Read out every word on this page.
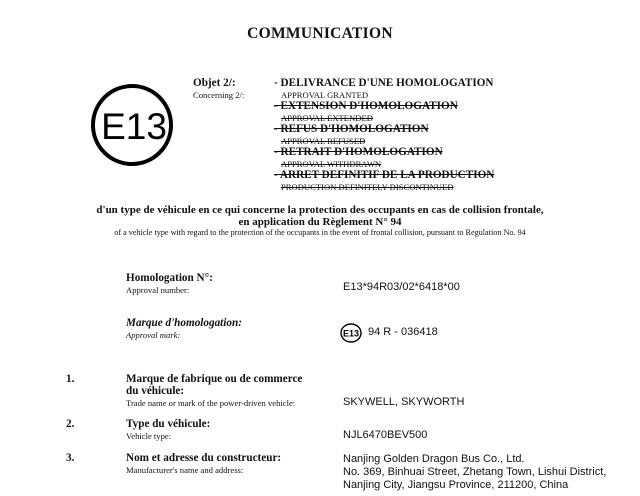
COMMUNICATION
E13
Objet 2/:
Concerning 2/:
- DELIVRANCE D'UNE HOMOLOGATION
APPROVAL GRANTED
- EXTENSION D'HOMOLOGATION
APPROVAL EXTENDED
- REFUS D'HOMOLOGATION
APPROVAL REFUSED
- RETRAIT D'HOMOLOGATION
APPROVAL WITHDRAWN
- ARRET DEFINITIF DE LA PRODUCTION
PRODUCTION DEFINITELY DISCONTINUED
d'un type de véhicule en ce qui concerne la protection des occupants en cas de collision frontale,
en application du Règlement N° 94
of a vehicle type with regard to the protection of the occupants in the event of frontal collision, pursuant to Regulation No. 94
Homologation N°:
Approval number:	E13*94R03/02*6418*00
Marque d'homologation:
Approval mark:	E13 94 R - 036418
1.	Marque de fabrique ou de commerce
du véhicule:
Trade name or mark of the power-driven vehicle:	SKYWELL, SKYWORTH
2.	Type du véhicule:
Vehicle type:	NJL6470BEV500
3.	Nom et adresse du constructeur:
Manufacturer's name and address:
Nanjing Golden Dragon Bus Co., Ltd.
No. 369, Binhuai Street, Zhetang Town, Lishui District,
Nanjing City, Jiangsu Province, 211200, China
